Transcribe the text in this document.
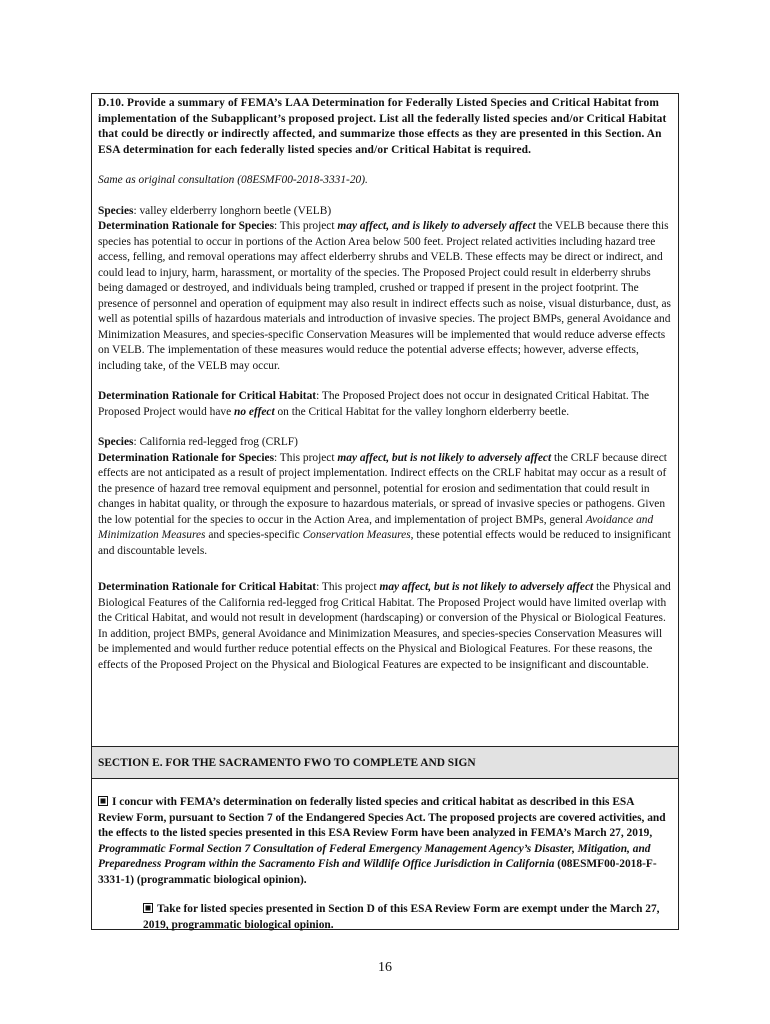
D.10. Provide a summary of FEMA’s LAA Determination for Federally Listed Species and Critical Habitat from implementation of the Subapplicant’s proposed project. List all the federally listed species and/or Critical Habitat that could be directly or indirectly affected, and summarize those effects as they are presented in this Section. An ESA determination for each federally listed species and/or Critical Habitat is required.

Same as original consultation (08ESMF00-2018-3331-20).

Species: valley elderberry longhorn beetle (VELB)

Determination Rationale for Species: This project may affect, and is likely to adversely affect the VELB because there this species has potential to occur in portions of the Action Area below 500 feet. Project related activities including hazard tree access, felling, and removal operations may affect elderberry shrubs and VELB. These effects may be direct or indirect, and could lead to injury, harm, harassment, or mortality of the species. The Proposed Project could result in elderberry shrubs being damaged or destroyed, and individuals being trampled, crushed or trapped if present in the project footprint. The presence of personnel and operation of equipment may also result in indirect effects such as noise, visual disturbance, dust, as well as potential spills of hazardous materials and introduction of invasive species. The project BMPs, general Avoidance and Minimization Measures, and species-specific Conservation Measures will be implemented that would reduce adverse effects on VELB. The implementation of these measures would reduce the potential adverse effects; however, adverse effects, including take, of the VELB may occur.

Determination Rationale for Critical Habitat: The Proposed Project does not occur in designated Critical Habitat. The Proposed Project would have no effect on the Critical Habitat for the valley longhorn elderberry beetle.

Species: California red-legged frog (CRLF)

Determination Rationale for Species: This project may affect, but is not likely to adversely affect the CRLF because direct effects are not anticipated as a result of project implementation. Indirect effects on the CRLF habitat may occur as a result of the presence of hazard tree removal equipment and personnel, potential for erosion and sedimentation that could result in changes in habitat quality, or through the exposure to hazardous materials, or spread of invasive species or pathogens. Given the low potential for the species to occur in the Action Area, and implementation of project BMPs, general Avoidance and Minimization Measures and species-specific Conservation Measures, these potential effects would be reduced to insignificant and discountable levels.

Determination Rationale for Critical Habitat: This project may affect, but is not likely to adversely affect the Physical and Biological Features of the California red-legged frog Critical Habitat. The Proposed Project would have limited overlap with the Critical Habitat, and would not result in development (hardscaping) or conversion of the Physical or Biological Features. In addition, project BMPs, general Avoidance and Minimization Measures, and species-species Conservation Measures will be implemented and would further reduce potential effects on the Physical and Biological Features. For these reasons, the effects of the Proposed Project on the Physical and Biological Features are expected to be insignificant and discountable.

SECTION E. FOR THE SACRAMENTO FWO TO COMPLETE AND SIGN

I concur with FEMA’s determination on federally listed species and critical habitat as described in this ESA Review Form, pursuant to Section 7 of the Endangered Species Act. The proposed projects are covered activities, and the effects to the listed species presented in this ESA Review Form have been analyzed in FEMA’s March 27, 2019, Programmatic Formal Section 7 Consultation of Federal Emergency Management Agency’s Disaster, Mitigation, and Preparedness Program within the Sacramento Fish and Wildlife Office Jurisdiction in California (08ESMF00-2018-F-3331-1) (programmatic biological opinion).

Take for listed species presented in Section D of this ESA Review Form are exempt under the March 27, 2019, programmatic biological opinion.

16
